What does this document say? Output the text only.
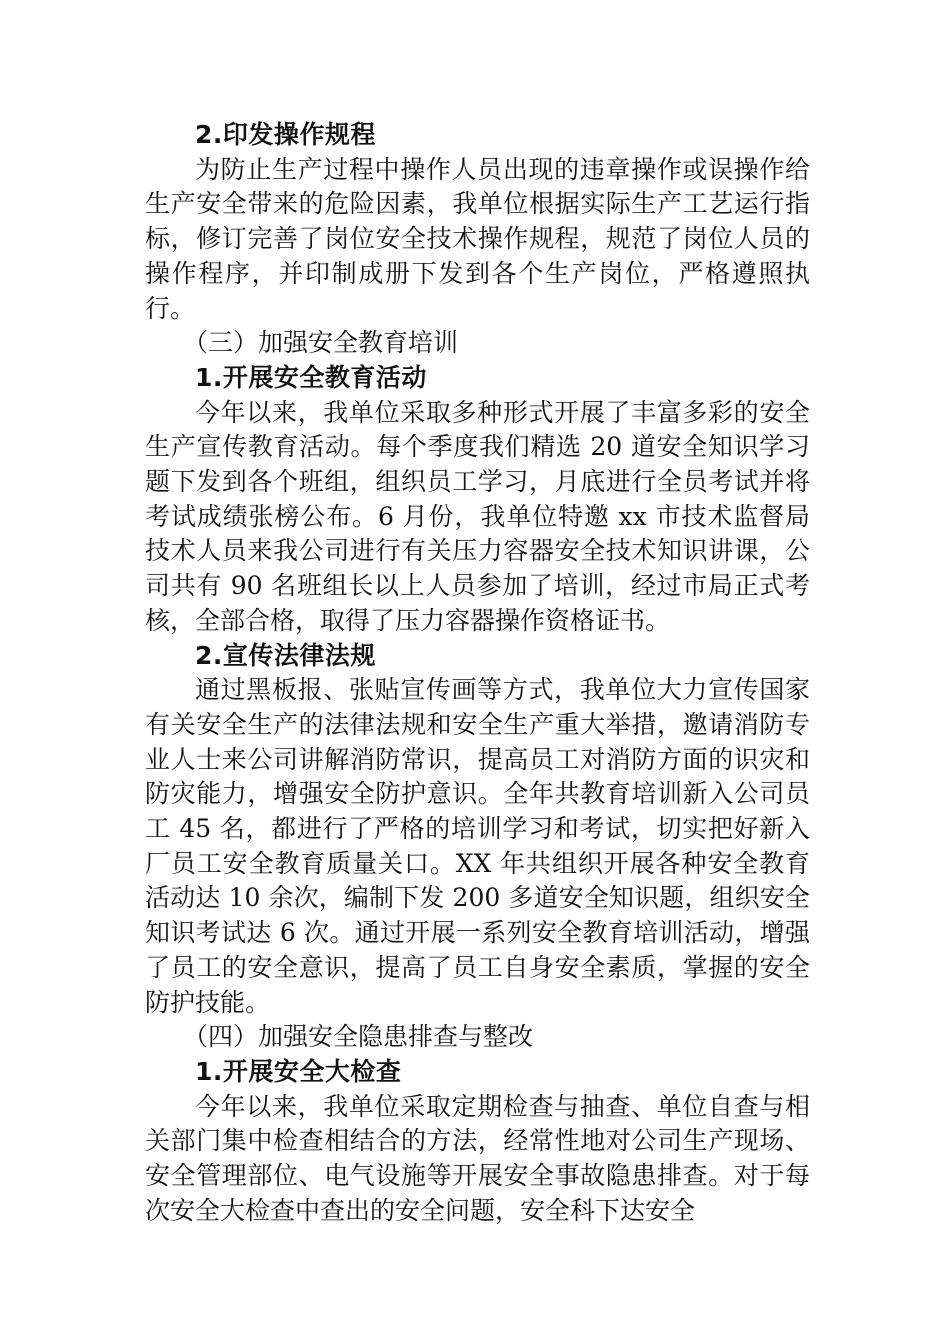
2.印发操作规程

为防止生产过程中操作人员出现的违章操作或误操作给生产安全带来的危险因素，我单位根据实际生产工艺运行指标，修订完善了岗位安全技术操作规程，规范了岗位人员的操作程序，并印制成册下发到各个生产岗位，严格遵照执行。

（三）加强安全教育培训

1.开展安全教育活动

今年以来，我单位采取多种形式开展了丰富多彩的安全生产宣传教育活动。每个季度我们精选 20 道安全知识学习题下发到各个班组，组织员工学习，月底进行全员考试并将考试成绩张榜公布。6 月份，我单位特邀 xx 市技术监督局技术人员来我公司进行有关压力容器安全技术知识讲课，公司共有 90 名班组长以上人员参加了培训，经过市局正式考核，全部合格，取得了压力容器操作资格证书。

2.宣传法律法规

通过黑板报、张贴宣传画等方式，我单位大力宣传国家有关安全生产的法律法规和安全生产重大举措，邀请消防专业人士来公司讲解消防常识，提高员工对消防方面的识灾和防灾能力，增强安全防护意识。全年共教育培训新入公司员工 45 名，都进行了严格的培训学习和考试，切实把好新入厂员工安全教育质量关口。XX 年共组织开展各种安全教育活动达 10 余次，编制下发 200 多道安全知识题，组织安全知识考试达 6 次。通过开展一系列安全教育培训活动，增强了员工的安全意识，提高了员工自身安全素质，掌握的安全防护技能。

（四）加强安全隐患排查与整改

1.开展安全大检查

今年以来，我单位采取定期检查与抽查、单位自查与相关部门集中检查相结合的方法，经常性地对公司生产现场、安全管理部位、电气设施等开展安全事故隐患排查。对于每次安全大检查中查出的安全问题，安全科下达安全
